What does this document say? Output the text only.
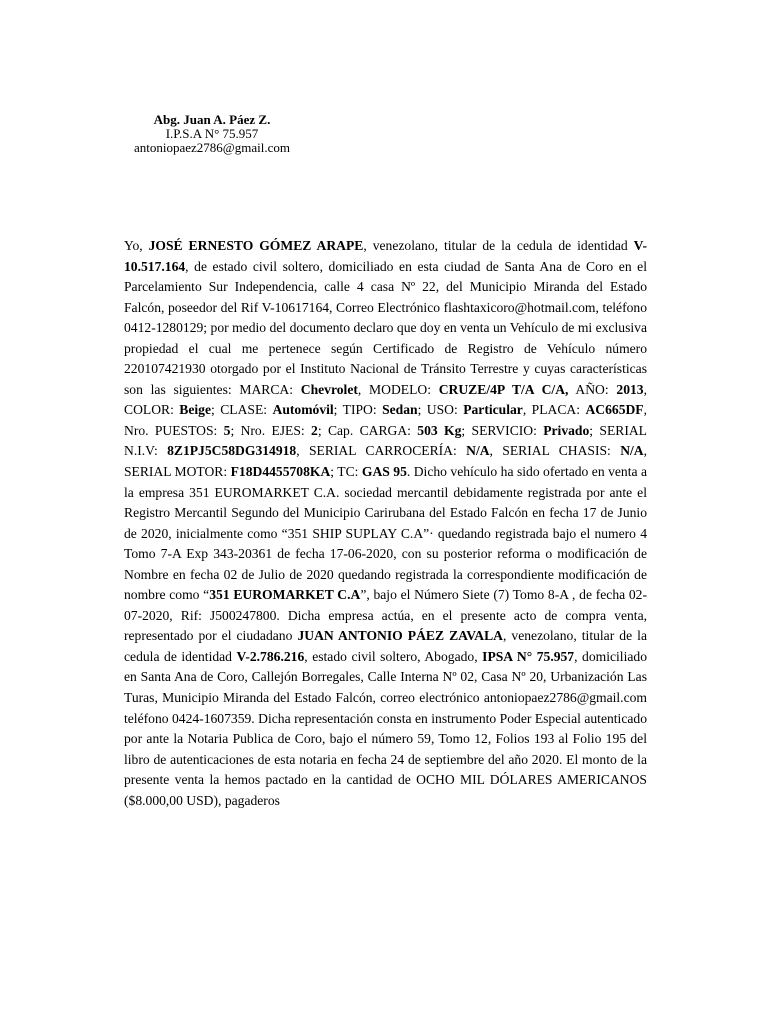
Abg. Juan A. Páez Z.
I.P.S.A N° 75.957
antoniopaez2786@gmail.com
Yo, JOSÉ ERNESTO GÓMEZ ARAPE, venezolano, titular de la cedula de identidad V-10.517.164, de estado civil soltero, domiciliado en esta ciudad de Santa Ana de Coro en el Parcelamiento Sur Independencia, calle 4 casa Nº 22, del Municipio Miranda del Estado Falcón, poseedor del Rif V-10617164, Correo Electrónico flashtaxicoro@hotmail.com, teléfono 0412-1280129; por medio del documento declaro que doy en venta un Vehículo de mi exclusiva propiedad el cual me pertenece según Certificado de Registro de Vehículo número 220107421930 otorgado por el Instituto Nacional de Tránsito Terrestre y cuyas características son las siguientes: MARCA: Chevrolet, MODELO: CRUZE/4P T/A C/A, AÑO: 2013, COLOR: Beige; CLASE: Automóvil; TIPO: Sedan; USO: Particular, PLACA: AC665DF, Nro. PUESTOS: 5; Nro. EJES: 2; Cap. CARGA: 503 Kg; SERVICIO: Privado; SERIAL N.I.V: 8Z1PJ5C58DG314918, SERIAL CARROCERÍA: N/A, SERIAL CHASIS: N/A, SERIAL MOTOR: F18D4455708KA; TC: GAS 95. Dicho vehículo ha sido ofertado en venta a la empresa 351 EUROMARKET C.A. sociedad mercantil debidamente registrada por ante el Registro Mercantil Segundo del Municipio Carirubana del Estado Falcón en fecha 17 de Junio de 2020, inicialmente como “351 SHIP SUPLAY C.A”· quedando registrada bajo el numero 4 Tomo 7-A Exp 343-20361 de fecha 17-06-2020, con su posterior reforma o modificación de Nombre en fecha 02 de Julio de 2020 quedando registrada la correspondiente modificación de nombre como “351 EUROMARKET C.A”, bajo el Número Siete (7) Tomo 8-A , de fecha 02-07-2020, Rif: J500247800. Dicha empresa actúa, en el presente acto de compra venta, representado por el ciudadano JUAN ANTONIO PÁEZ ZAVALA, venezolano, titular de la cedula de identidad V-2.786.216, estado civil soltero, Abogado, IPSA N° 75.957, domiciliado en Santa Ana de Coro, Callejón Borregales, Calle Interna Nº 02, Casa Nº 20, Urbanización Las Turas, Municipio Miranda del Estado Falcón, correo electrónico antoniopaez2786@gmail.com teléfono 0424-1607359. Dicha representación consta en instrumento Poder Especial autenticado por ante la Notaria Publica de Coro, bajo el número 59, Tomo 12, Folios 193 al Folio 195 del libro de autenticaciones de esta notaria en fecha 24 de septiembre del año 2020. El monto de la presente venta la hemos pactado en la cantidad de OCHO MIL DÓLARES AMERICANOS ($8.000,00 USD), pagaderos
